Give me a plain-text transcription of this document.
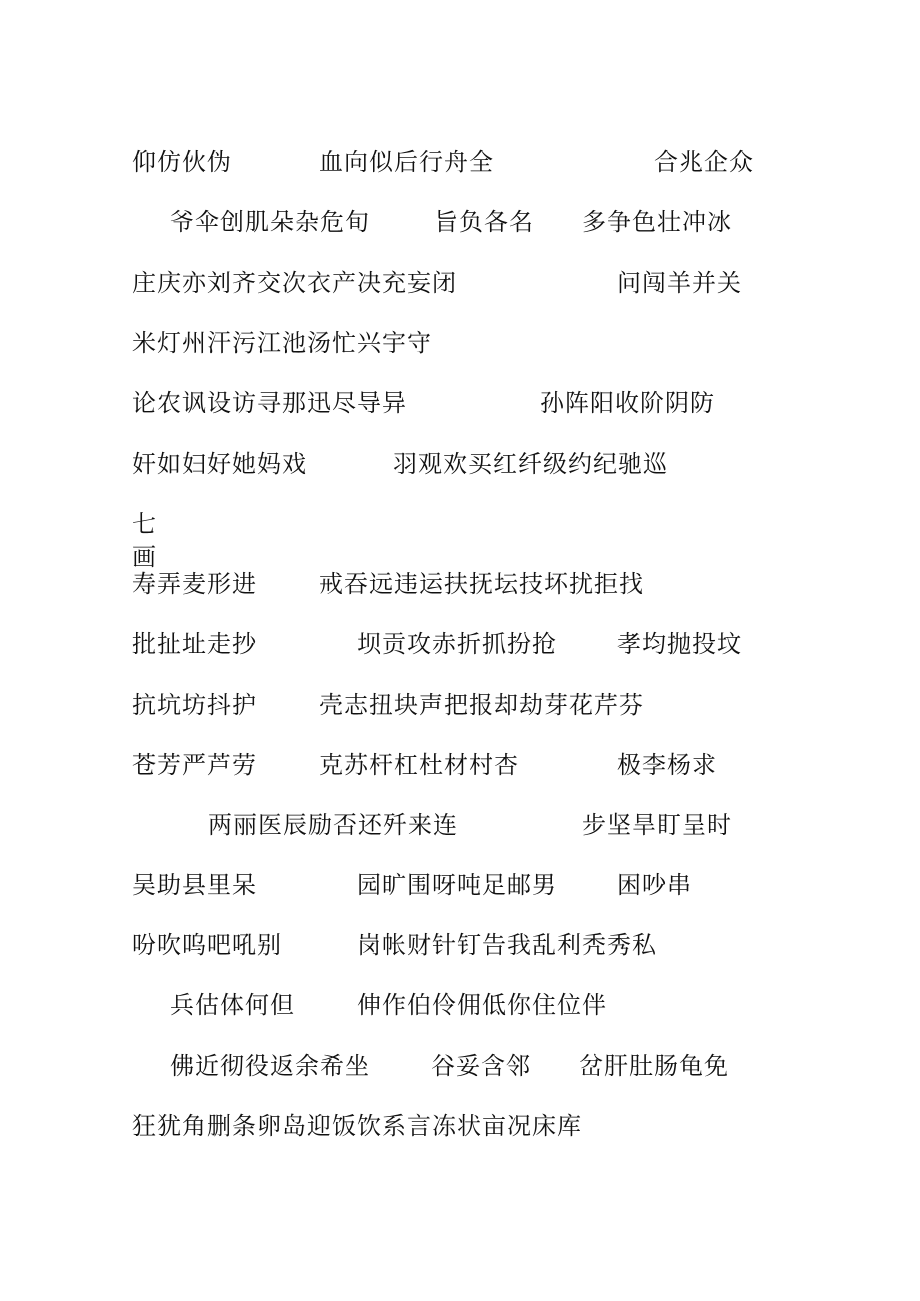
仰仿伙伪	血向似后行舟全	合兆企众
爷伞创肌朵杂危旬	旨负各名 多争色壮冲冰
庄庆亦刘齐交次衣产决充妄闭	问闯羊并关
米灯州汗污江池汤忙兴宇守
论农讽设访寻那迅尽导异	孙阵阳收阶阴防
奸如妇好她妈戏	羽观欢买红纤级约纪驰巡
七
画
寿弄麦形进	戒吞远违运扶抚坛技坏扰拒找
批扯址走抄	坝贡攻赤折抓扮抢	孝均抛投坟
抗坑坊抖护	壳志扭块声把报却劫芽花芹芬
苍芳严芦劳	克苏杆杠杜材村杏	极李杨求
两丽医辰励否还歼来连	步坚旱盯呈时
吴助县里呆	园旷围呀吨足邮男	困吵串
吩吹呜吧吼别	岗帐财针钉告我乱利秃秀私
兵估体何但	伸作伯伶佣低你住位伴
佛近彻役返余希坐	谷妥含邻 岔肝肚肠龟免
狂犹角删条卵岛迎饭饮系言冻状亩况床库
